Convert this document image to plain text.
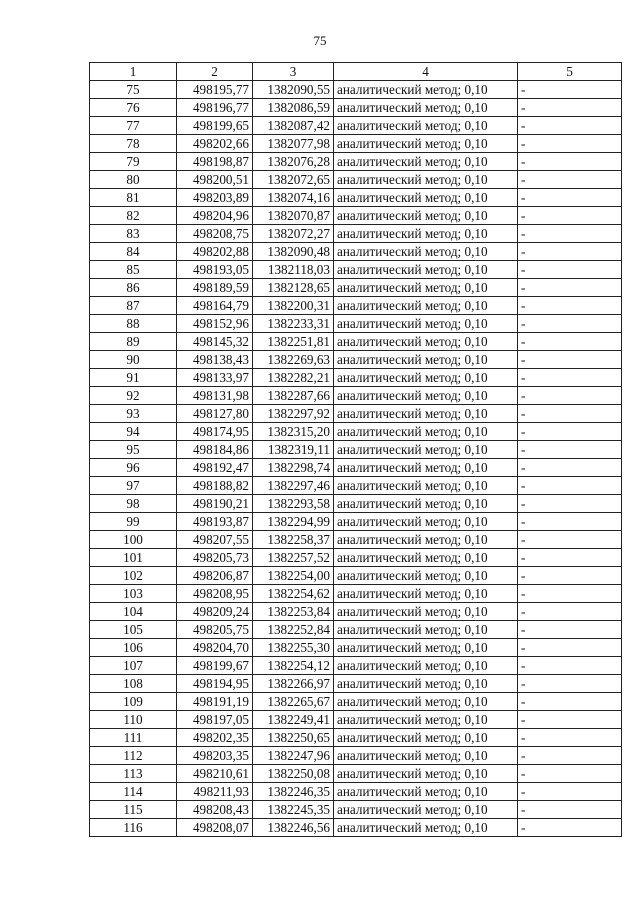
75
1	2	3	4	5
75	498195,77	1382090,55	аналитический метод; 0,10	-
76	498196,77	1382086,59	аналитический метод; 0,10	-
77	498199,65	1382087,42	аналитический метод; 0,10	-
78	498202,66	1382077,98	аналитический метод; 0,10	-
79	498198,87	1382076,28	аналитический метод; 0,10	-
80	498200,51	1382072,65	аналитический метод; 0,10	-
81	498203,89	1382074,16	аналитический метод; 0,10	-
82	498204,96	1382070,87	аналитический метод; 0,10	-
83	498208,75	1382072,27	аналитический метод; 0,10	-
84	498202,88	1382090,48	аналитический метод; 0,10	-
85	498193,05	1382118,03	аналитический метод; 0,10	-
86	498189,59	1382128,65	аналитический метод; 0,10	-
87	498164,79	1382200,31	аналитический метод; 0,10	-
88	498152,96	1382233,31	аналитический метод; 0,10	-
89	498145,32	1382251,81	аналитический метод; 0,10	-
90	498138,43	1382269,63	аналитический метод; 0,10	-
91	498133,97	1382282,21	аналитический метод; 0,10	-
92	498131,98	1382287,66	аналитический метод; 0,10	-
93	498127,80	1382297,92	аналитический метод; 0,10	-
94	498174,95	1382315,20	аналитический метод; 0,10	-
95	498184,86	1382319,11	аналитический метод; 0,10	-
96	498192,47	1382298,74	аналитический метод; 0,10	-
97	498188,82	1382297,46	аналитический метод; 0,10	-
98	498190,21	1382293,58	аналитический метод; 0,10	-
99	498193,87	1382294,99	аналитический метод; 0,10	-
100	498207,55	1382258,37	аналитический метод; 0,10	-
101	498205,73	1382257,52	аналитический метод; 0,10	-
102	498206,87	1382254,00	аналитический метод; 0,10	-
103	498208,95	1382254,62	аналитический метод; 0,10	-
104	498209,24	1382253,84	аналитический метод; 0,10	-
105	498205,75	1382252,84	аналитический метод; 0,10	-
106	498204,70	1382255,30	аналитический метод; 0,10	-
107	498199,67	1382254,12	аналитический метод; 0,10	-
108	498194,95	1382266,97	аналитический метод; 0,10	-
109	498191,19	1382265,67	аналитический метод; 0,10	-
110	498197,05	1382249,41	аналитический метод; 0,10	-
111	498202,35	1382250,65	аналитический метод; 0,10	-
112	498203,35	1382247,96	аналитический метод; 0,10	-
113	498210,61	1382250,08	аналитический метод; 0,10	-
114	498211,93	1382246,35	аналитический метод; 0,10	-
115	498208,43	1382245,35	аналитический метод; 0,10	-
116	498208,07	1382246,56	аналитический метод; 0,10	-
